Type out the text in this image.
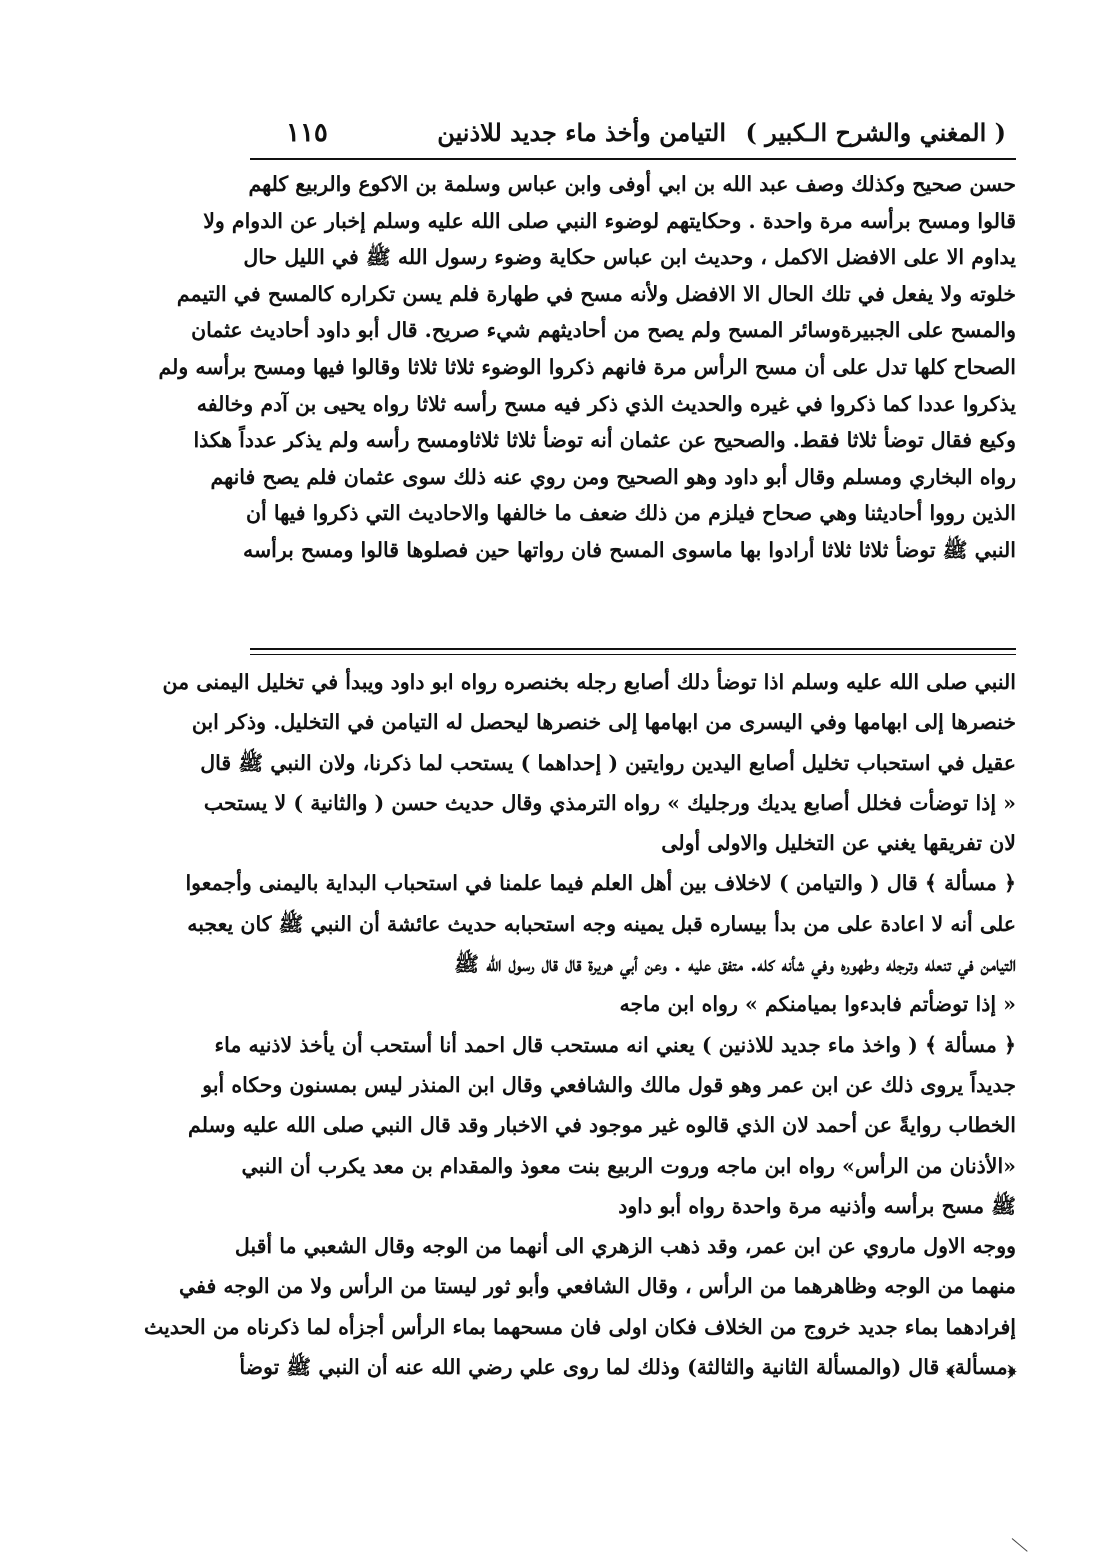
( المغني والشرح الـكبير )
التيامن وأخذ ماء جديد للاذنين
١١٥
حسن صحيح وكذلك وصف عبد الله بن ابي أوفى وابن عباس وسلمة بن الاكوع والربيع كلهم
قالوا ومسح برأسه مرة واحدة . وحكايتهم لوضوء النبي صلى الله عليه وسلم إخبار عن الدوام ولا
يداوم الا على الافضل الاكمل ، وحديث ابن عباس حكاية وضوء رسول الله ﷺ في الليل حال
خلوته ولا يفعل في تلك الحال الا الافضل ولأنه مسح في طهارة فلم يسن تكراره كالمسح في التيمم
والمسح على الجبيرةوسائر المسح ولم يصح من أحاديثهم شيء صريح. قال أبو داود أحاديث عثمان
الصحاح كلها تدل على أن مسح الرأس مرة فانهم ذكروا الوضوء ثلاثا ثلاثا وقالوا فيها ومسح برأسه ولم
يذكروا عددا كما ذكروا في غيره والحديث الذي ذكر فيه مسح رأسه ثلاثا رواه يحيى بن آدم وخالفه
وكيع فقال توضأ ثلاثا فقط. والصحيح عن عثمان أنه توضأ ثلاثا ثلاثاومسح رأسه ولم يذكر عدداً هكذا
رواه البخاري ومسلم وقال أبو داود وهو الصحيح ومن روي عنه ذلك سوى عثمان فلم يصح فانهم
الذين رووا أحاديثنا وهي صحاح فيلزم من ذلك ضعف ما خالفها والاحاديث التي ذكروا فيها أن
النبي ﷺ توضأ ثلاثا ثلاثا أرادوا بها ماسوى المسح فان رواتها حين فصلوها قالوا ومسح برأسه
النبي صلى الله عليه وسلم اذا توضأ دلك أصابع رجله بخنصره رواه ابو داود ويبدأ في تخليل اليمنى من
خنصرها إلى ابهامها وفي اليسرى من ابهامها إلى خنصرها ليحصل له التيامن في التخليل. وذكر ابن
عقيل في استحباب تخليل أصابع اليدين روايتين ( إحداهما ) يستحب لما ذكرنا، ولان النبي ﷺ قال
« إذا توضأت فخلل أصابع يديك ورجليك » رواه الترمذي وقال حديث حسن ( والثانية ) لا يستحب
لان تفريقها يغني عن التخليل والاولى أولى
﴿ مسألة ﴾ قال ( والتيامن ) لاخلاف بين أهل العلم فيما علمنا في استحباب البداية باليمنى وأجمعوا
على أنه لا اعادة على من بدأ بيساره قبل يمينه وجه استحبابه حديث عائشة أن النبي ﷺ كان يعجبه
التيامن في تنعله وترجله وطهوره وفي شأنه كله. متفق عليه . وعن أبي هريرة قال قال رسول الله ﷺ
« إذا توضأتم فابدءوا بميامنكم » رواه ابن ماجه
﴿ مسألة ﴾ ( واخذ ماء جديد للاذنين ) يعني انه مستحب قال احمد أنا أستحب أن يأخذ لاذنيه ماء
جديداً يروى ذلك عن ابن عمر وهو قول مالك والشافعي وقال ابن المنذر ليس بمسنون وحكاه أبو
الخطاب روايةً عن أحمد لان الذي قالوه غير موجود في الاخبار وقد قال النبي صلى الله عليه وسلم
«الأذنان من الرأس» رواه ابن ماجه وروت الربيع بنت معوذ والمقدام بن معد يكرب أن النبي
ﷺ مسح برأسه وأذنيه مرة واحدة رواه أبو داود
ووجه الاول ماروي عن ابن عمر، وقد ذهب الزهري الى أنهما من الوجه وقال الشعبي ما أقبل
منهما من الوجه وظاهرهما من الرأس ، وقال الشافعي وأبو ثور ليستا من الرأس ولا من الوجه ففي
إفرادهما بماء جديد خروج من الخلاف فكان اولى فان مسحهما بماء الرأس أجزأه لما ذكرناه من الحديث
﴿مسألة﴾ قال (والمسألة الثانية والثالثة) وذلك لما روى علي رضي الله عنه أن النبي ﷺ توضأ
